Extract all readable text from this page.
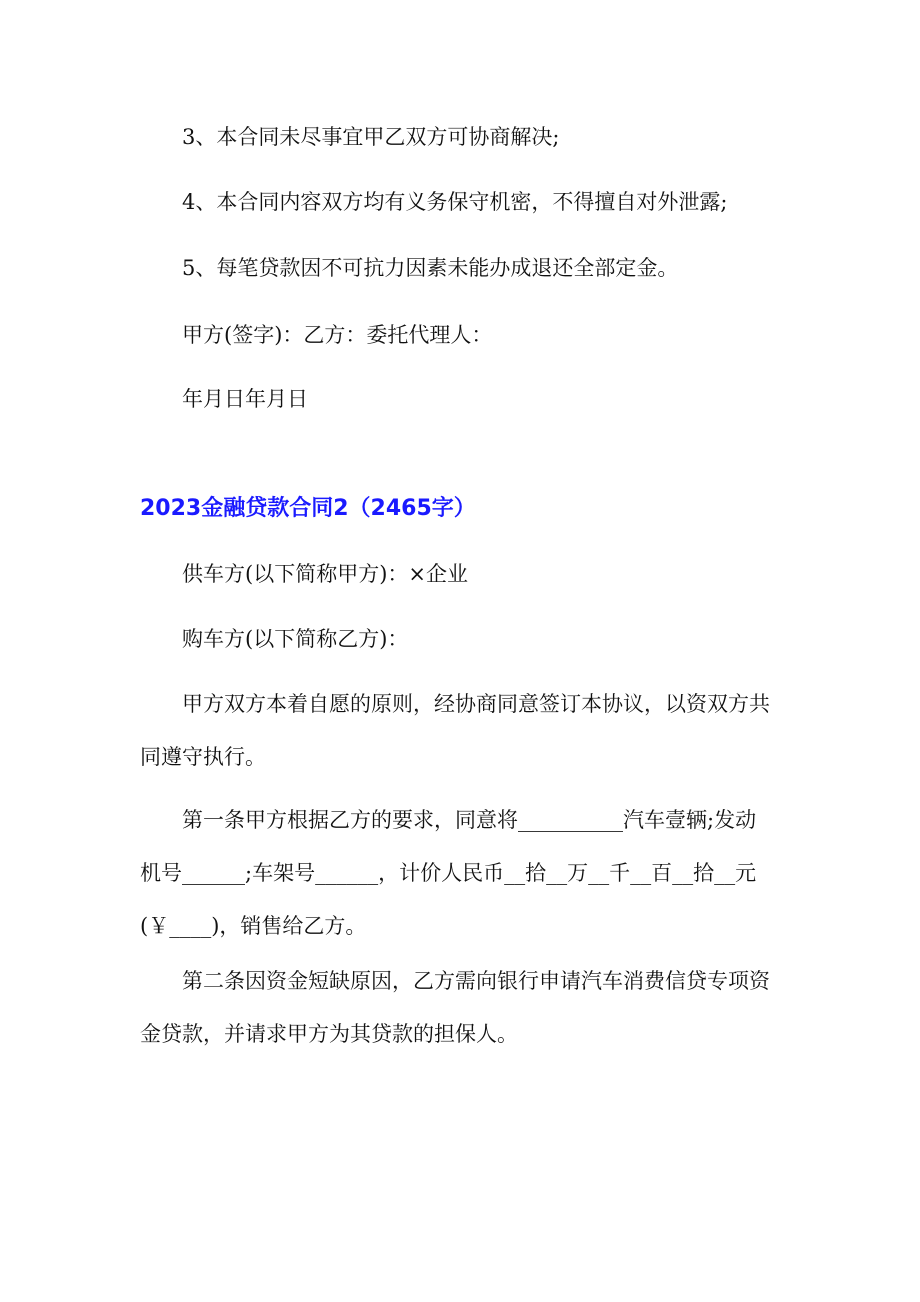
3、本合同未尽事宜甲乙双方可协商解决;
4、本合同内容双方均有义务保守机密，不得擅自对外泄露;
5、每笔贷款因不可抗力因素未能办成退还全部定金。
甲方(签字)：乙方：委托代理人：
年月日年月日
2023金融贷款合同2（2465字）
供车方(以下简称甲方)：×企业
购车方(以下简称乙方)：
甲方双方本着自愿的原则，经协商同意签订本协议，以资双方共
同遵守执行。
第一条甲方根据乙方的要求，同意将__________汽车壹辆;发动
机号______;车架号______，计价人民币__拾__万__千__百__拾__元
(￥____)，销售给乙方。
第二条因资金短缺原因，乙方需向银行申请汽车消费信贷专项资
金贷款，并请求甲方为其贷款的担保人。
